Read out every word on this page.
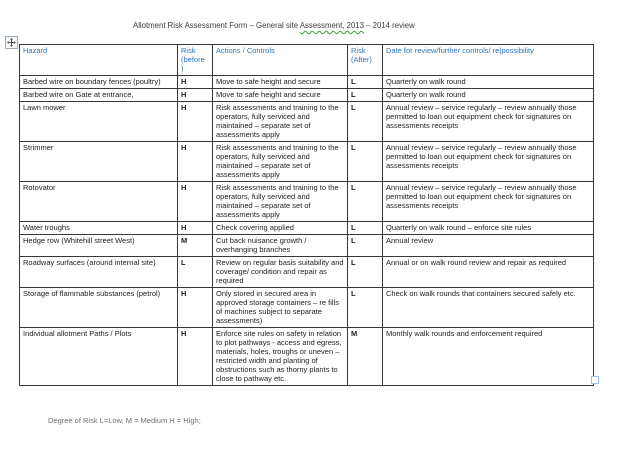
Allotment Risk Assessment Form – General site Assessment, 2013 – 2014 review
Hazard	Risk (before )	Actions / Controls	Risk (After)	Date for review/further controls/ re|possibility
Barbed wire on boundary fences (poultry)	H	Move to safe height and secure	L	Quarterly on walk round
Barbed wire on Gate at entrance,	H	Move to safe height and secure	L	Quarterly on walk round
Lawn mower	H	Risk assessments and training to the operators, fully serviced and maintained – separate set of assessments apply	L	Annual review – service regularly – review annually those permitted to loan out equipment check for signatures on assessments receipts
Strimmer	H	Risk assessments and training to the operators, fully serviced and maintained – separate set of assessments apply	L	Annual review – service regularly – review annually those permitted to loan out equipment check for signatures on assessments receipts
Rotovator	H	Risk assessments and training to the operators, fully serviced and maintained – separate set of assessments apply	L	Annual review – service regularly – review annually those permitted to loan out equipment check for signatures on assessments receipts
Water troughs	H	Check covering applied	L	Quarterly on walk round – enforce site rules
Hedge row (Whitehill street West)	M	Cut back nuisance growth / overhanging branches	L	Annual review
Roadway surfaces (around internal site)	L	Review on regular basis suitability and coverage/ condition and repair as required	L	Annual or on walk round review and repair as required
Storage of flammable substances (petrol)	H	Only stored in secured area in approved storage containers – re fills of machines subject to separate assessments)	L	Check on walk rounds that containers secured safely etc.
Individual allotment Paths / Plots	H	Enforce site rules on safety in relation to plot pathways - access and egress, materials, holes, troughs or uneven – restricted width and planting of obstructions such as thorny plants to close to pathway etc.	M	Monthly walk rounds and enforcement required
Degree of Risk L=Low, M = Medium H = High;
